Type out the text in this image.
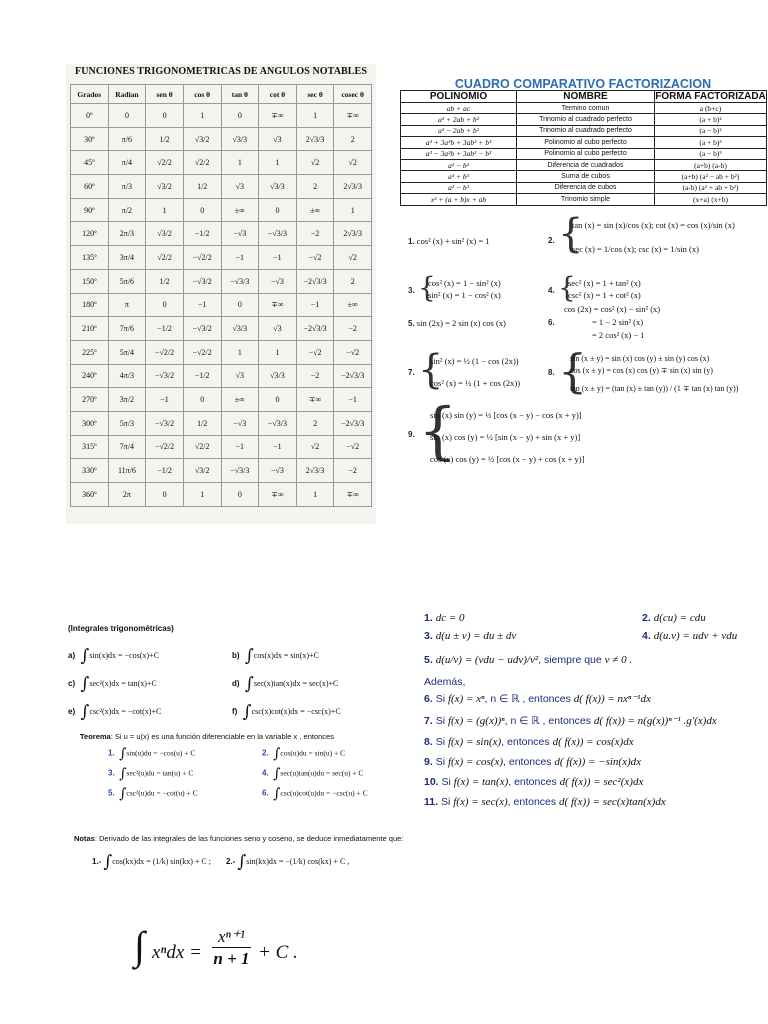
FUNCIONES TRIGONOMETRICAS DE ANGULOS NOTABLES
Grados	Radian	sen θ	cos θ	tan θ	cot θ	sec θ	cosec θ
0º	0	0	1	0	∓∞	1	∓∞
30º	π/6	1/2	√3/2	√3/3	√3	2√3/3	2
45º	π/4	√2/2	√2/2	1	1	√2	√2
60º	π/3	√3/2	1/2	√3	√3/3	2	2√3/3
90º	π/2	1	0	±∞	0	±∞	1
120º	2π/3	√3/2	−1/2	−√3	−√3/3	−2	2√3/3
135º	3π/4	√2/2	−√2/2	−1	−1	−√2	√2
150º	5π/6	1/2	−√3/2	−√3/3	−√3	−2√3/3	2
180º	π	0	−1	0	∓∞	−1	±∞
210º	7π/6	−1/2	−√3/2	√3/3	√3	−2√3/3	−2
225º	5π/4	−√2/2	−√2/2	1	1	−√2	−√2
240º	4π/3	−√3/2	−1/2	√3	√3/3	−2	−2√3/3
270º	3π/2	−1	0	±∞	0	∓∞	−1
300º	5π/3	−√3/2	1/2	−√3	−√3/3	2	−2√3/3
315º	7π/4	−√2/2	√2/2	−1	−1	√2	−√2
330º	11π/6	−1/2	√3/2	−√3/3	−√3	2√3/3	−2
360º	2π	0	1	0	∓∞	1	∓∞
CUADRO COMPARATIVO FACTORIZACION
POLINOMIO	NOMBRE	FORMA FACTORIZADA
ab + ac	Termino comun	a (b+c)
a² + 2ab + b²	Trinomio al cuadrado perfecto	(a + b)²
a² − 2ab + b²	Trinomio al cuadrado perfecto	(a − b)²
a³ + 3a²b + 3ab² + b³	Polinomio al cubo perfecto	(a + b)³
a³ − 3a²b + 3ab² − b³	Polinomio al cubo perfecto	(a − b)³
a² − b²	Diferencia de cuadrados	(a+b) (a-b)
a³ + b³	Suma de cubos	(a+b) (a² − ab + b²)
a³ − b³	Diferencia de cubos	(a-b) (a² + ab + b²)
x² + (a + b)x + ab	Trinomio simple	(x+a) (x+b)
1. cos² (x) + sin² (x) = 1	2. {
tan (x) = sin (x)/cos (x); cot (x) = cos (x)/sin (x)
sec (x) = 1/cos (x); csc (x) = 1/sin (x)
3. {
cos² (x) = 1 − sin² (x)
sin² (x) = 1 − cos² (x)	4. {
sec² (x) = 1 + tan² (x)
csc² (x) = 1 + cot² (x)
5. sin (2x) = 2 sin (x) cos (x)	6.
cos (2x) = cos² (x) − sin² (x)
= 1 − 2 sin² (x)
= 2 cos² (x) − 1
7. {
sin² (x) = ½ (1 − cos (2x))
cos² (x) = ½ (1 + cos (2x))
8. {
sin (x ± y) = sin (x) cos (y) ± sin (y) cos (x)
cos (x ± y) = cos (x) cos (y) ∓ sin (x) sin (y)
tan (x ± y) = (tan (x) ± tan (y)) / (1 ∓ tan (x) tan (y))
9. {
sin (x) sin (y) = ½ [cos (x − y) − cos (x + y)]
sin (x) cos (y) = ½ [sin (x − y) + sin (x + y)]
cos (x) cos (y) = ½ [cos (x − y) + cos (x + y)]
(Integrales trigonométricas)
a) ∫sin(x)dx = −cos(x)+C	b) ∫cos(x)dx = sin(x)+C
c) ∫sec²(x)dx = tan(x)+C	d) ∫sec(x)tan(x)dx = sec(x)+C
e) ∫csc²(x)dx = −cot(x)+C	f) ∫csc(x)cot(x)dx = −csc(x)+C
Teorema: Si u = u(x) es una función diferenciable en la variable x , entonces
1. ∫sin(u)du = −cos(u) + C	2. ∫cos(u)du = sin(u) + C
3. ∫sec²(u)du = tan(u) + C	4. ∫sec(u)tan(u)du = sec(u) + C
5. ∫csc²(u)du = −cot(u) + C	6. ∫csc(u)cot(u)du = −csc(u) + C
Notas: Derivado de las integrales de las funciones seno y coseno, se deduce inmediatamente que:
1.- ∫cos(kx)dx = (1/k) sin(kx) + C ; 2.- ∫sin(kx)dx = −(1/k) cos(kx) + C ,
1. dc = 0	2. d(cu) = cdu
3. d(u ± v) = du ± dv	4. d(u.v) = udv + vdu
5. d(u/v) = (vdu − udv)/v², siempre que v ≠ 0 .
Además,
6. Si f(x) = xⁿ, n ∈ ℝ , entonces d( f(x)) = nxⁿ⁻¹dx
7. Si f(x) = (g(x))ⁿ, n ∈ ℝ , entonces d( f(x)) = n(g(x))ⁿ⁻¹ .g'(x)dx
8. Si f(x) = sin(x), entonces d( f(x)) = cos(x)dx
9. Si f(x) = cos(x), entonces d( f(x)) = −sin(x)dx
10. Si f(x) = tan(x), entonces d( f(x)) = sec²(x)dx
11. Si f(x) = sec(x), entonces d( f(x)) = sec(x)tan(x)dx
∫ $x^ndx = \frac{\text{xⁿ⁺¹}}{n + 1} + C$ .
